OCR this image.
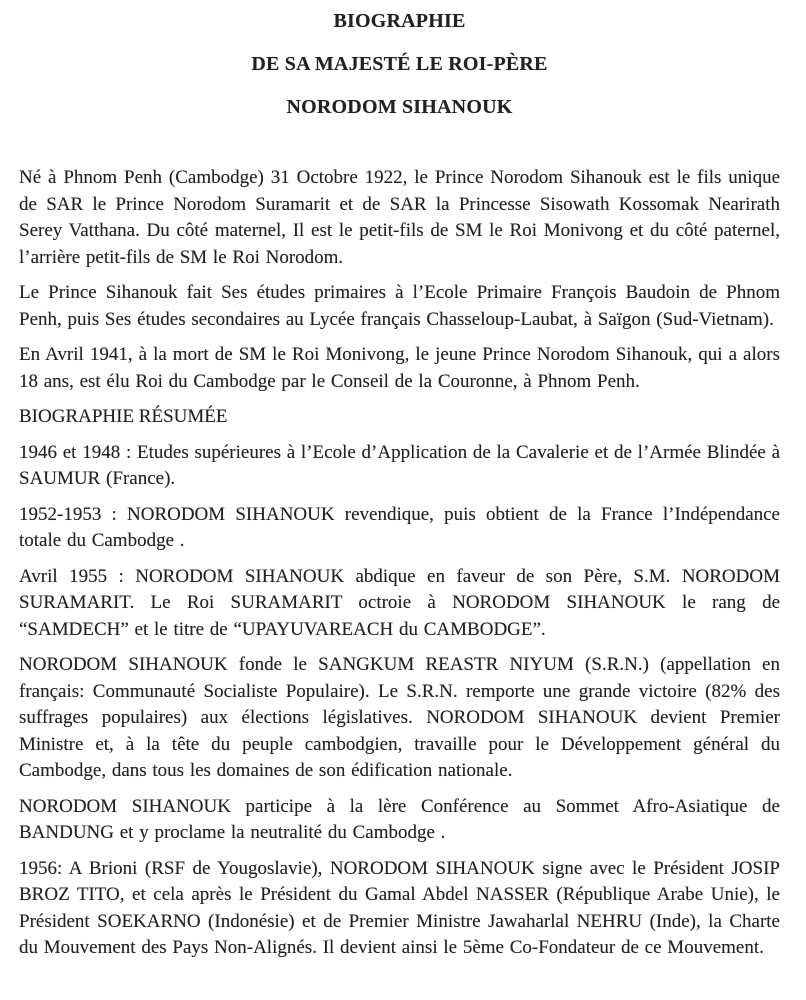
BIOGRAPHIE
DE SA MAJESTÉ LE ROI-PÈRE
NORODOM SIHANOUK

Né à Phnom Penh (Cambodge) 31 Octobre 1922, le Prince Norodom Sihanouk est le fils unique de SAR le Prince Norodom Suramarit et de SAR la Princesse Sisowath Kossomak Nearirath Serey Vatthana. Du côté maternel, Il est le petit-fils de SM le Roi Monivong et du côté paternel, l’arrière petit-fils de SM le Roi Norodom.

Le Prince Sihanouk fait Ses études primaires à l’Ecole Primaire François Baudoin de Phnom Penh, puis Ses études secondaires au Lycée français Chasseloup-Laubat, à Saïgon (Sud-Vietnam).

En Avril 1941, à la mort de SM le Roi Monivong, le jeune Prince Norodom Sihanouk, qui a alors 18 ans, est élu Roi du Cambodge par le Conseil de la Couronne, à Phnom Penh.

BIOGRAPHIE RÉSUMÉE

1946 et 1948 : Etudes supérieures à l’Ecole d’Application de la Cavalerie et de l’Armée Blindée à SAUMUR (France).

1952-1953 : NORODOM SIHANOUK revendique, puis obtient de la France l’Indépendance totale du Cambodge .

Avril 1955 : NORODOM SIHANOUK abdique en faveur de son Père, S.M. NORODOM SURAMARIT. Le Roi SURAMARIT octroie à NORODOM SIHANOUK le rang de “SAMDECH” et le titre de “UPAYUVAREACH du CAMBODGE”.

NORODOM SIHANOUK fonde le SANGKUM REASTR NIYUM (S.R.N.) (appellation en français: Communauté Socialiste Populaire). Le S.R.N. remporte une grande victoire (82% des suffrages populaires) aux élections législatives. NORODOM SIHANOUK devient Premier Ministre et, à la tête du peuple cambodgien, travaille pour le Développement général du Cambodge, dans tous les domaines de son édification nationale.

NORODOM SIHANOUK participe à la lère Conférence au Sommet Afro-Asiatique de BANDUNG et y proclame la neutralité du Cambodge .

1956: A Brioni (RSF de Yougoslavie), NORODOM SIHANOUK signe avec le Président JOSIP BROZ TITO, et cela après le Président du Gamal Abdel NASSER (République Arabe Unie), le Président SOEKARNO (Indonésie) et de Premier Ministre Jawaharlal NEHRU (Inde), la Charte du Mouvement des Pays Non-Alignés. Il devient ainsi le 5ème Co-Fondateur de ce Mouvement.
